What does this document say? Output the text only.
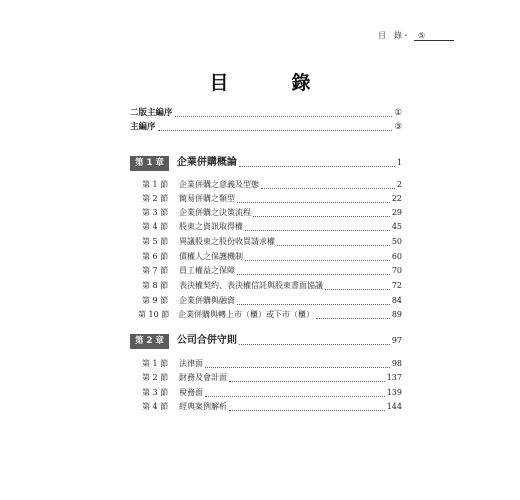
目　錄・	⑤
目　錄
二版主編序	①
主編序	③
第 1 章	企業併購概論	1
第 1 節	企業併購之意義及型態	2
第 2 節	簡易併購之類型	22
第 3 節	企業併購之決策流程	29
第 4 節	股東之資訊取得權	45
第 5 節	異議股東之股份收買請求權	50
第 6 節	債權人之保護機制	60
第 7 節	員工權益之保障	70
第 8 節	表決權契約、表決權信託與股東書面協議	72
第 9 節	企業併購與融資	84
第 10 節	企業併購與轉上市（櫃）或下市（櫃）	89
第 2 章	公司合併守則	97
第 1 節	法律面	98
第 2 節	財務及會計面	137
第 3 節	稅務面	139
第 4 節	經典案例解析	144
